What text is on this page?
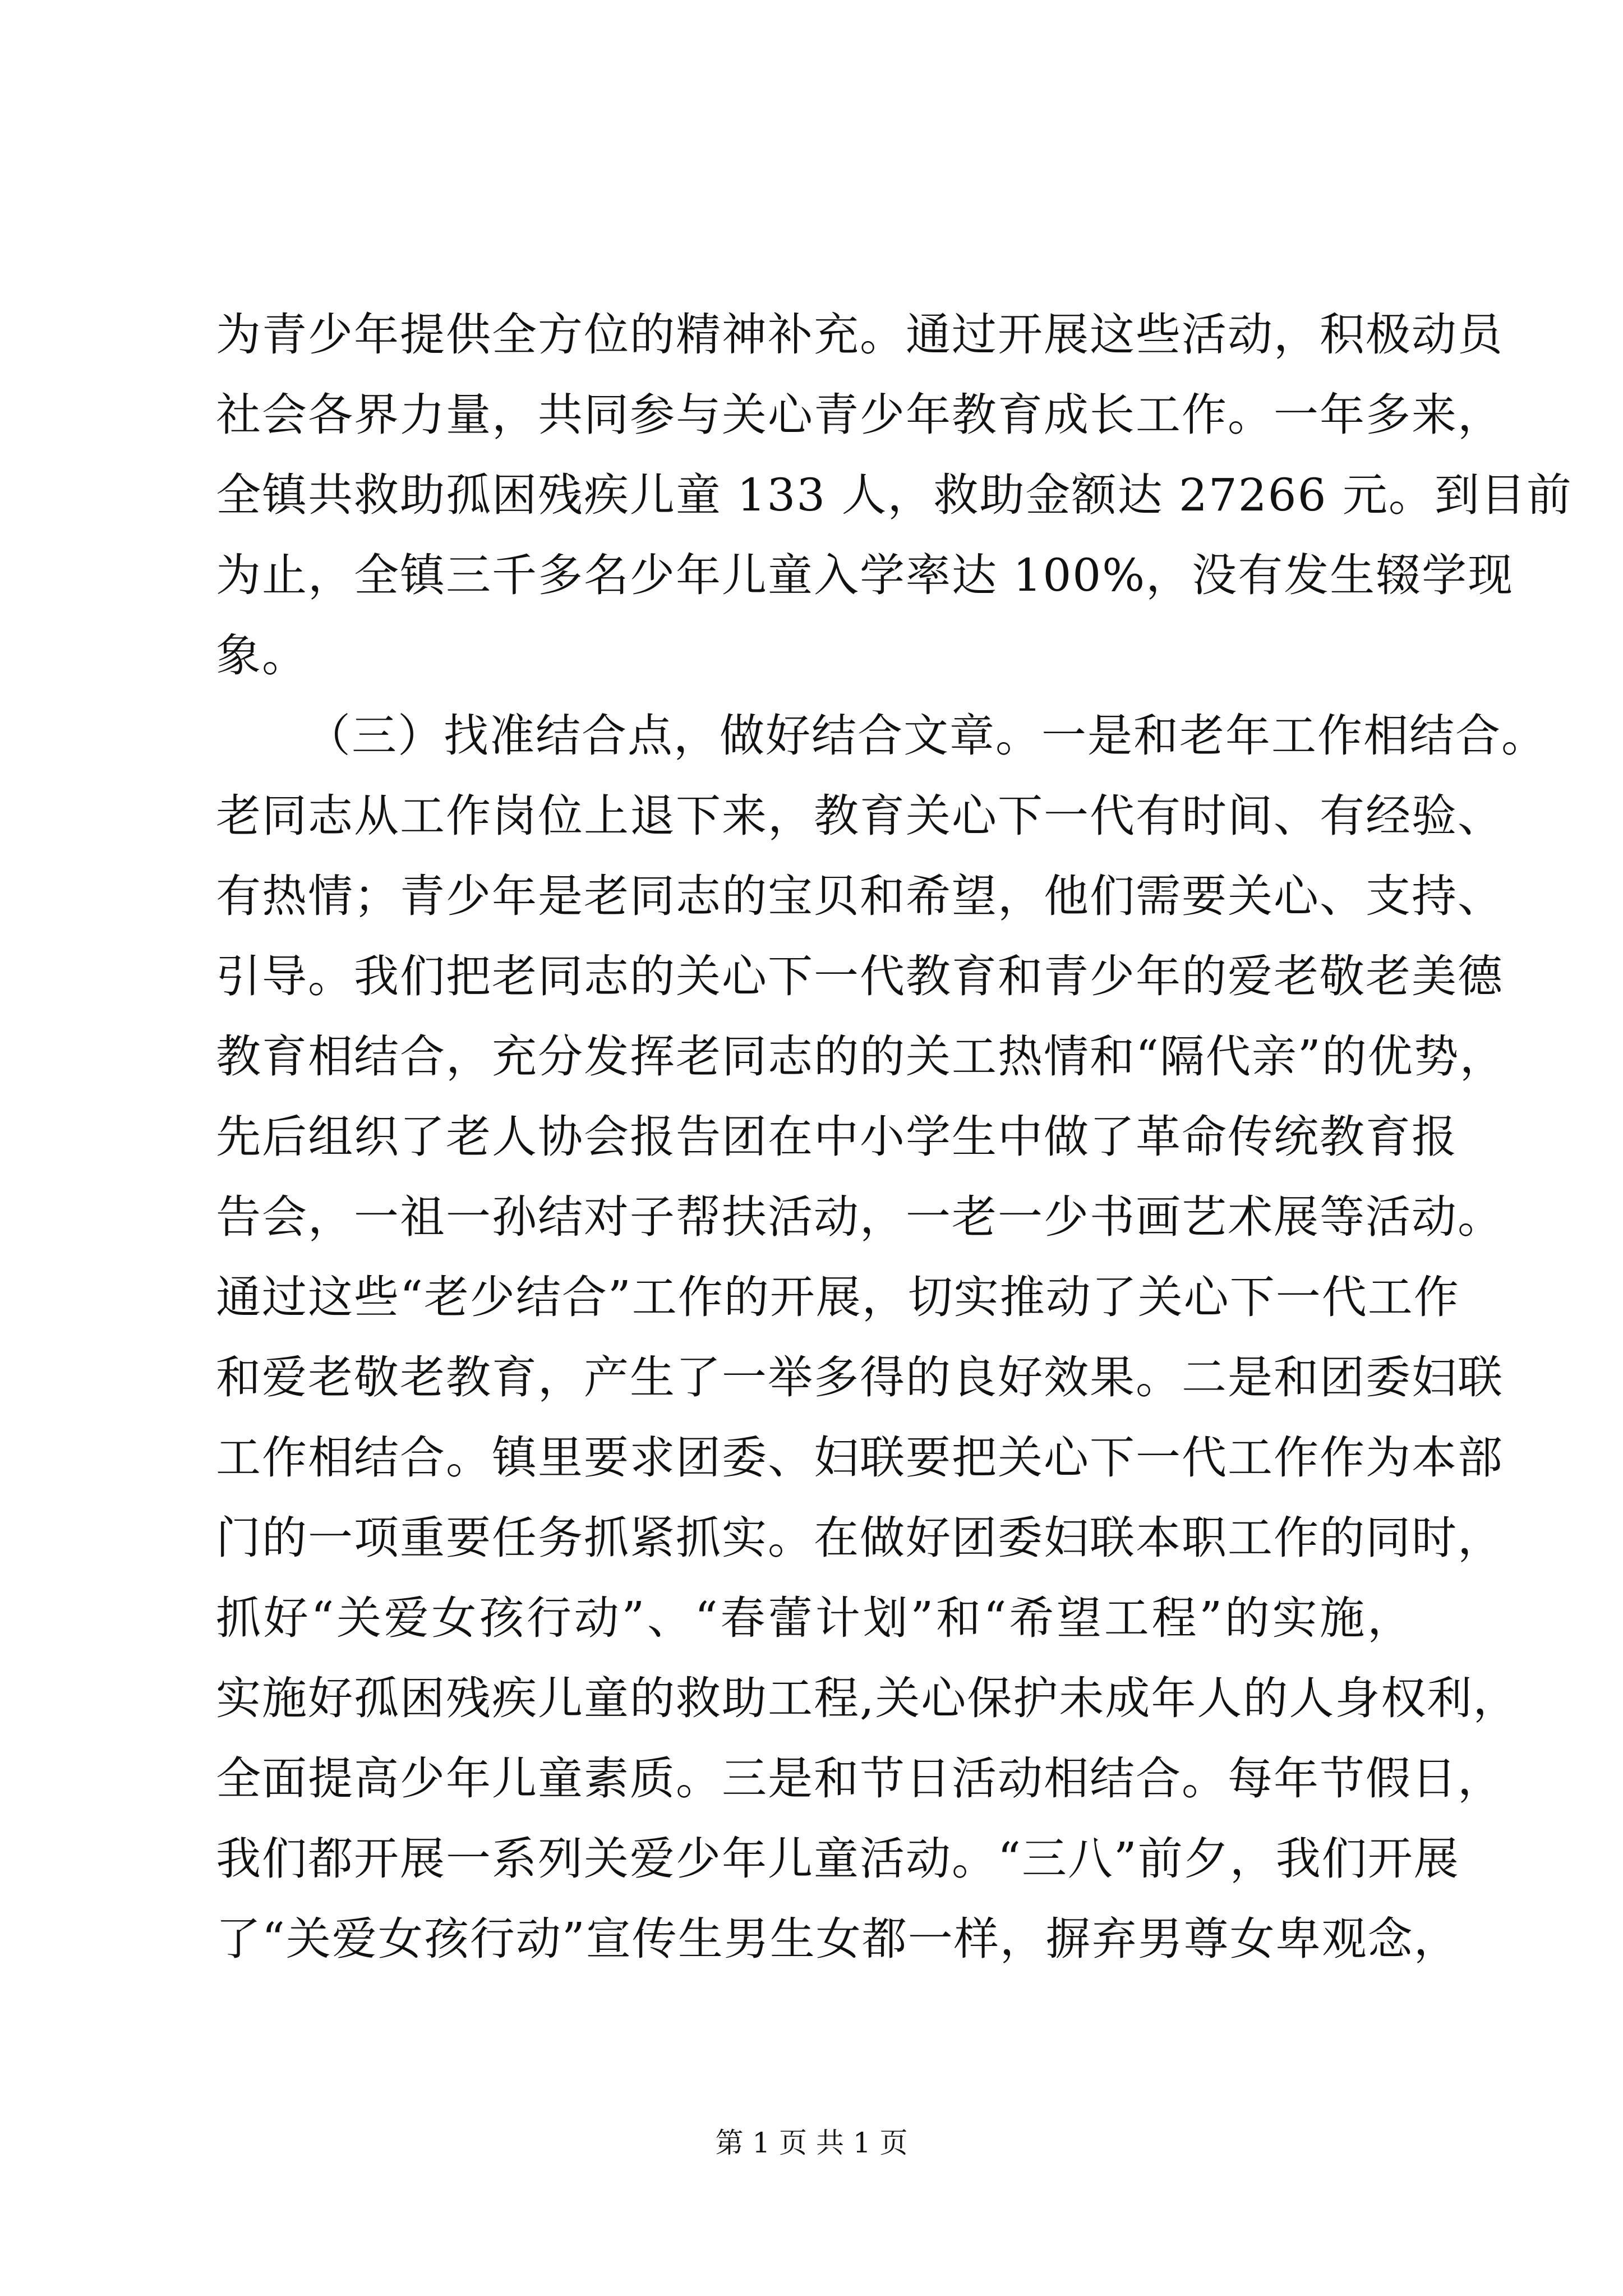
为青少年提供全方位的精神补充。通过开展这些活动，积极动员
社会各界力量，共同参与关心青少年教育成长工作。一年多来，
全镇共救助孤困残疾儿童 133 人，救助金额达 27266 元。到目前
为止，全镇三千多名少年儿童入学率达 100%，没有发生辍学现
象。
（三）找准结合点，做好结合文章。一是和老年工作相结合。
老同志从工作岗位上退下来，教育关心下一代有时间、有经验、
有热情；青少年是老同志的宝贝和希望，他们需要关心、支持、
引导。我们把老同志的关心下一代教育和青少年的爱老敬老美德
教育相结合，充分发挥老同志的的关工热情和“隔代亲”的优势，
先后组织了老人协会报告团在中小学生中做了革命传统教育报
告会，一祖一孙结对子帮扶活动，一老一少书画艺术展等活动。
通过这些“老少结合”工作的开展，切实推动了关心下一代工作
和爱老敬老教育，产生了一举多得的良好效果。二是和团委妇联
工作相结合。镇里要求团委、妇联要把关心下一代工作作为本部
门的一项重要任务抓紧抓实。在做好团委妇联本职工作的同时，
抓好“关爱女孩行动”、“春蕾计划”和“希望工程”的实施，
实施好孤困残疾儿童的救助工程,关心保护未成年人的人身权利，
全面提高少年儿童素质。三是和节日活动相结合。每年节假日，
我们都开展一系列关爱少年儿童活动。“三八”前夕，我们开展
了“关爱女孩行动”宣传生男生女都一样，摒弃男尊女卑观念，
第 1 页 共 1 页
